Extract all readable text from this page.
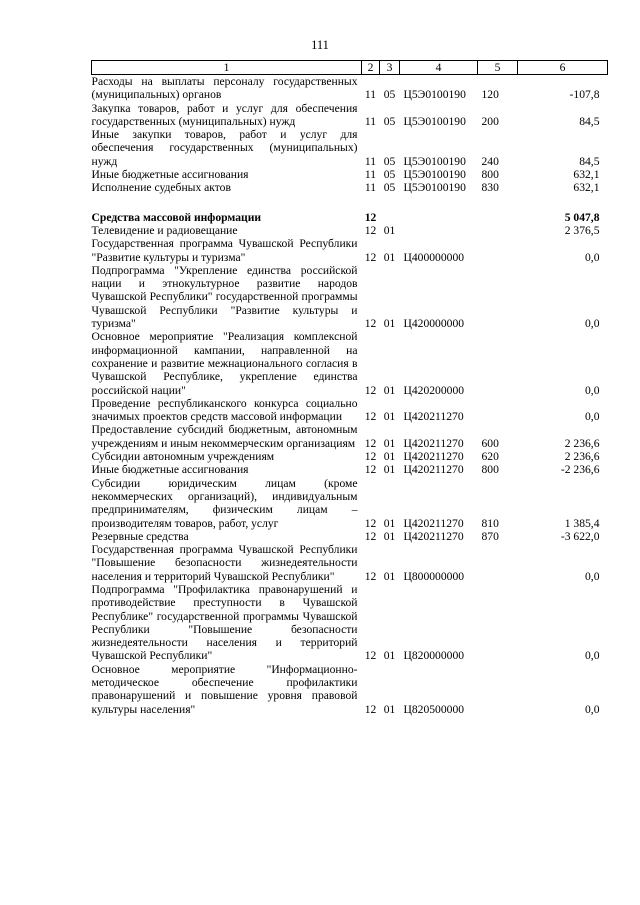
111
1	2	3	4	5	6
Расходы на выплаты персоналу государственных (муниципальных) органов	11	05	Ц5Э0100190	120	-107,8
Закупка товаров, работ и услуг для обеспечения государственных (муниципальных) нужд	11	05	Ц5Э0100190	200	84,5
Иные закупки товаров, работ и услуг для обеспечения государственных (муниципальных) нужд	11	05	Ц5Э0100190	240	84,5
Иные бюджетные ассигнования	11	05	Ц5Э0100190	800	632,1
Исполнение судебных актов	11	05	Ц5Э0100190	830	632,1

Средства массовой информации	12				5 047,8
Телевидение и радиовещание	12	01			2 376,5
Государственная программа Чувашской Республики "Развитие культуры и туризма"	12	01	Ц400000000		0,0
Подпрограмма "Укрепление единства российской нации и этнокультурное развитие народов Чувашской Республики" государственной программы Чувашской Республики "Развитие культуры и туризма"	12	01	Ц420000000		0,0
Основное мероприятие "Реализация комплексной информационной кампании, направленной на сохранение и развитие межнационального согласия в Чувашской Республике, укрепление единства российской нации"	12	01	Ц420200000		0,0
Проведение республиканского конкурса социально значимых проектов средств массовой информации	12	01	Ц420211270		0,0
Предоставление субсидий бюджетным, автономным учреждениям и иным некоммерческим организациям	12	01	Ц420211270	600	2 236,6
Субсидии автономным учреждениям	12	01	Ц420211270	620	2 236,6
Иные бюджетные ассигнования	12	01	Ц420211270	800	-2 236,6
Субсидии юридическим лицам (кроме некоммерческих организаций), индивидуальным предпринимателям, физическим лицам – производителям товаров, работ, услуг	12	01	Ц420211270	810	1 385,4
Резервные средства	12	01	Ц420211270	870	-3 622,0
Государственная программа Чувашской Республики "Повышение безопасности жизнедеятельности населения и территорий Чувашской Республики"	12	01	Ц800000000		0,0
Подпрограмма "Профилактика правонарушений и противодействие преступности в Чувашской Республике" государственной программы Чувашской Республики "Повышение безопасности жизнедеятельности населения и территорий Чувашской Республики"	12	01	Ц820000000		0,0
Основное мероприятие "Информационно-методическое обеспечение профилактики правонарушений и повышение уровня правовой культуры населения"	12	01	Ц820500000		0,0
